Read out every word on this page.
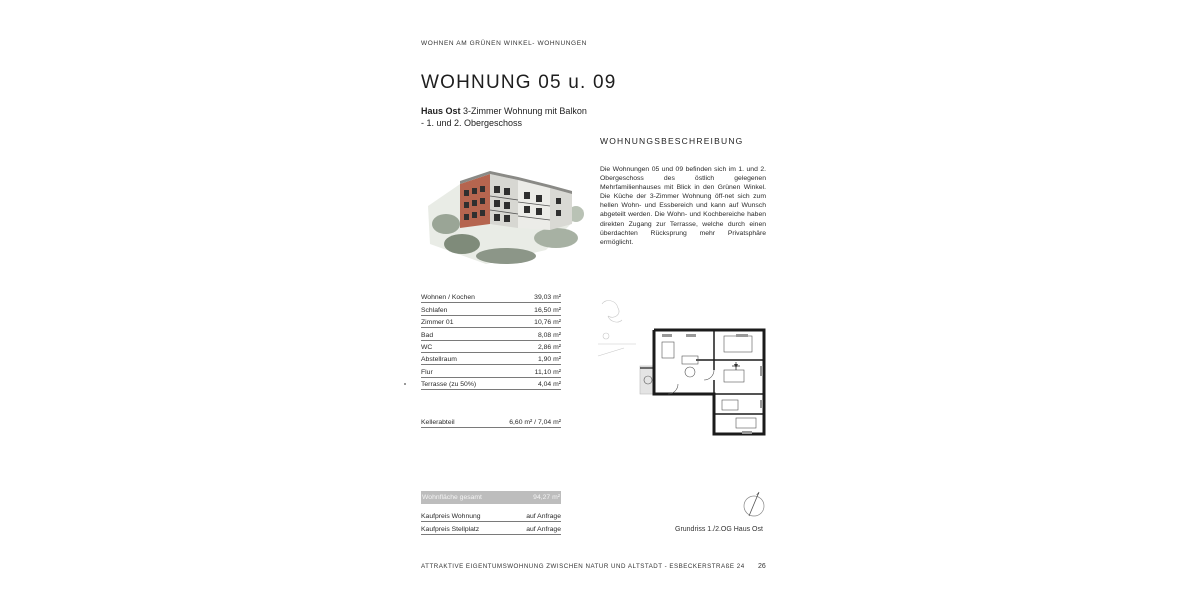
WOHNEN AM GRÜNEN WINKEL- WOHNUNGEN
WOHNUNG 05 u. 09
Haus Ost 3-Zimmer Wohnung mit Balkon - 1. und 2. Obergeschoss
WOHNUNGSBESCHREIBUNG
Die Wohnungen 05 und 09 befinden sich im 1. und 2. Obergeschoss des östlich gelegenen Mehrfamilienhauses mit Blick in den Grünen Winkel. Die Küche der 3-Zimmer Wohnung öff-net sich zum hellen Wohn- und Essbereich und kann auf Wunsch abgeteilt werden. Die Wohn- und Kochbereiche haben direkten Zugang zur Terrasse, welche durch einen überdachten Rücksprung mehr Privatsphäre ermöglicht.
Wohnen / Kochen	39,03 m²
Schlafen	16,50 m²
Zimmer 01	10,76 m²
Bad	8,08 m²
WC	2,86 m²
Abstellraum	1,90 m²
Flur	11,10 m²
Terrasse (zu 50%)	4,04 m²
Kellerabteil	6,60 m² / 7,04 m²
Wohnfläche gesamt	94,27 m²
Kaufpreis Wohnung	auf Anfrage
Kaufpreis Stellplatz	auf Anfrage	Grundriss 1./2.OG Haus Ost
ATTRAKTIVE EIGENTUMSWOHNUNG ZWISCHEN NATUR UND ALTSTADT - ESBECKERSTRAßE 24 26
